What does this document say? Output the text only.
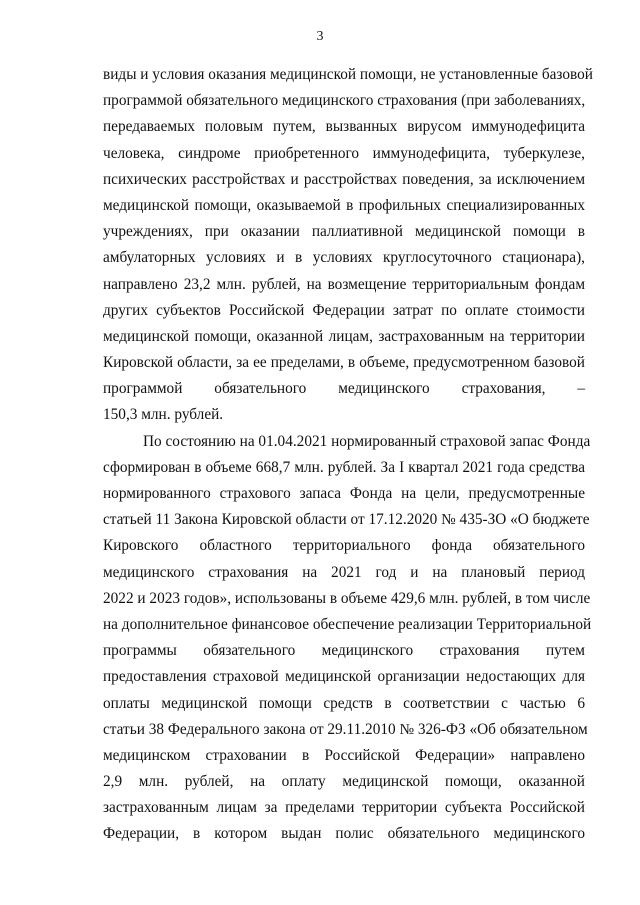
3
виды и условия оказания медицинской помощи, не установленные базовой
программой обязательного медицинского страхования (при заболеваниях,
передаваемых половым путем, вызванных вирусом иммунодефицита
человека, синдроме приобретенного иммунодефицита, туберкулезе,
психических расстройствах и расстройствах поведения, за исключением
медицинской помощи, оказываемой в профильных специализированных
учреждениях, при оказании паллиативной медицинской помощи в
амбулаторных условиях и в условиях круглосуточного стационара),
направлено 23,2 млн. рублей, на возмещение территориальным фондам
других субъектов Российской Федерации затрат по оплате стоимости
медицинской помощи, оказанной лицам, застрахованным на территории
Кировской области, за ее пределами, в объеме, предусмотренном базовой
программой обязательного медицинского страхования, –
150,3 млн. рублей.
По состоянию на 01.04.2021 нормированный страховой запас Фонда
сформирован в объеме 668,7 млн. рублей. За I квартал 2021 года средства
нормированного страхового запаса Фонда на цели, предусмотренные
статьей 11 Закона Кировской области от 17.12.2020 № 435-ЗО «О бюджете
Кировского областного территориального фонда обязательного
медицинского страхования на 2021 год и на плановый период
2022 и 2023 годов», использованы в объеме 429,6 млн. рублей, в том числе
на дополнительное финансовое обеспечение реализации Территориальной
программы обязательного медицинского страхования путем
предоставления страховой медицинской организации недостающих для
оплаты медицинской помощи средств в соответствии с частью 6
статьи 38 Федерального закона от 29.11.2010 № 326-ФЗ «Об обязательном
медицинском страховании в Российской Федерации» направлено
2,9 млн. рублей, на оплату медицинской помощи, оказанной
застрахованным лицам за пределами территории субъекта Российской
Федерации, в котором выдан полис обязательного медицинского
